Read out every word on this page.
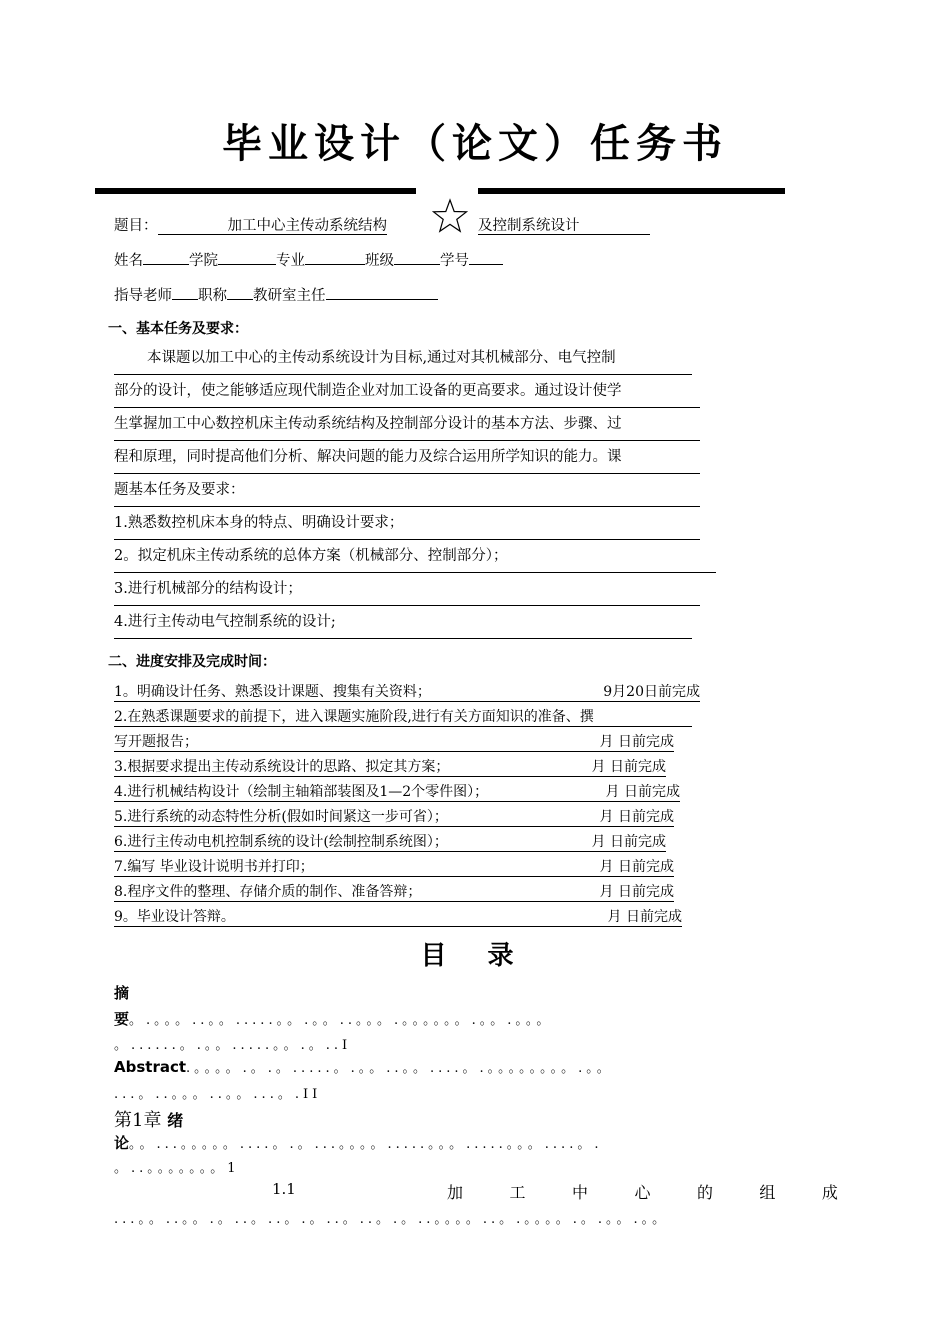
毕业设计（论文）任务书
题目：	加工中心主传动系统结构	及控制系统设计
姓名	学院	专业	班级	学号
指导老师 职称 教研室主任
一、基本任务及要求：
本课题以加工中心的主传动系统设计为目标,通过对其机械部分、电气控制
部分的设计，使之能够适应现代制造企业对加工设备的更高要求。通过设计使学
生掌握加工中心数控机床主传动系统结构及控制部分设计的基本方法、步骤、过
程和原理，同时提高他们分析、解决问题的能力及综合运用所学知识的能力。课
题基本任务及要求：
1.熟悉数控机床本身的特点、明确设计要求；
2。拟定机床主传动系统的总体方案（机械部分、控制部分）；
3.进行机械部分的结构设计；
4.进行主传动电气控制系统的设计;
二、进度安排及完成时间：
1。明确设计任务、熟悉设计课题、搜集有关资料；	9月20日前完成
2.在熟悉课题要求的前提下，进入课题实施阶段,进行有关方面知识的准备、撰
写开题报告；	月 日前完成
3.根据要求提出主传动系统设计的思路、拟定其方案；	月 日前完成
4.进行机械结构设计（绘制主轴箱部装图及1—2个零件图）；	月 日前完成
5.进行系统的动态特性分析(假如时间紧这一步可省）；	月 日前完成
6.进行主传动电机控制系统的设计(绘制控制系统图）；	月 日前完成
7.编写 毕业设计说明书并打印；	月 日前完成
8.程序文件的整理、存储介质的制作、准备答辩；	月 日前完成
9。毕业设计答辩。	月 日前完成
目 录
摘
要。.。。。..。。.....。。.。。..。。。.。。。。。。.。。.。。。
。......。.。。.....。。.。..I
Abstract.。。。。.。.。.....。.。。..。。....。.。。。。。。。。.。。
...。..。。。..。。...。.II
第1章 绪
论。。...。。。。。....。.。...。。。。.....。。。.....。。。....。.
。..。。。。。。。1
1.1	加	工	中	心	的	组	成
...。。..。。.。..。..。.。..。..。.。..。。。。..。.。。。。.。.。。.。。
